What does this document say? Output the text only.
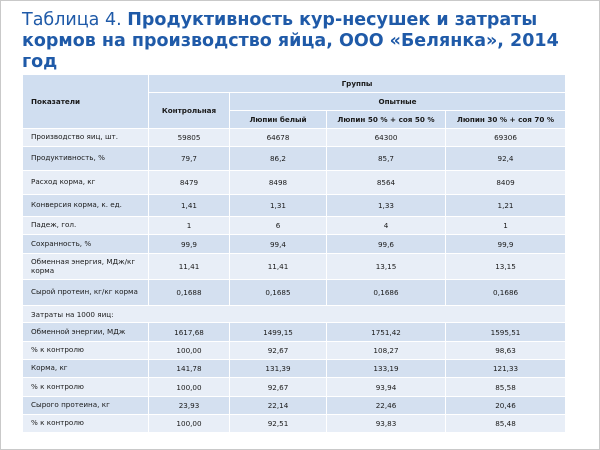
Таблица 4. Продуктивность кур-несушек и затраты кормов на производство яйца, ООО «Белянка», 2014 год
Показатели	Группы			
	Контрольная	Опытные		
		Люпин белый	Люпин 50 % + соя 50 %	Люпин 30 % + соя 70 %
Производство яиц, шт.	59805	64678	64300	69306
Продуктивность, %	79,7	86,2	85,7	92,4
Расход корма, кг	8479	8498	8564	8409
Конверсия корма, к. ед.	1,41	1,31	1,33	1,21
Падеж, гол.	1	6	4	1
Сохранность, %	99,9	99,4	99,6	99,9
Обменная энергия, МДж/кг корма	11,41	11,41	13,15	13,15
Сырой протеин, кг/кг корма	0,1688	0,1685	0,1686	0,1686
Затраты на 1000 яиц:				
Обменной энергии, МДж	1617,68	1499,15	1751,42	1595,51
% к контролю	100,00	92,67	108,27	98,63
Корма, кг	141,78	131,39	133,19	121,33
% к контролю	100,00	92,67	93,94	85,58
Сырого протеина, кг	23,93	22,14	22,46	20,46
% к контролю	100,00	92,51	93,83	85,48
